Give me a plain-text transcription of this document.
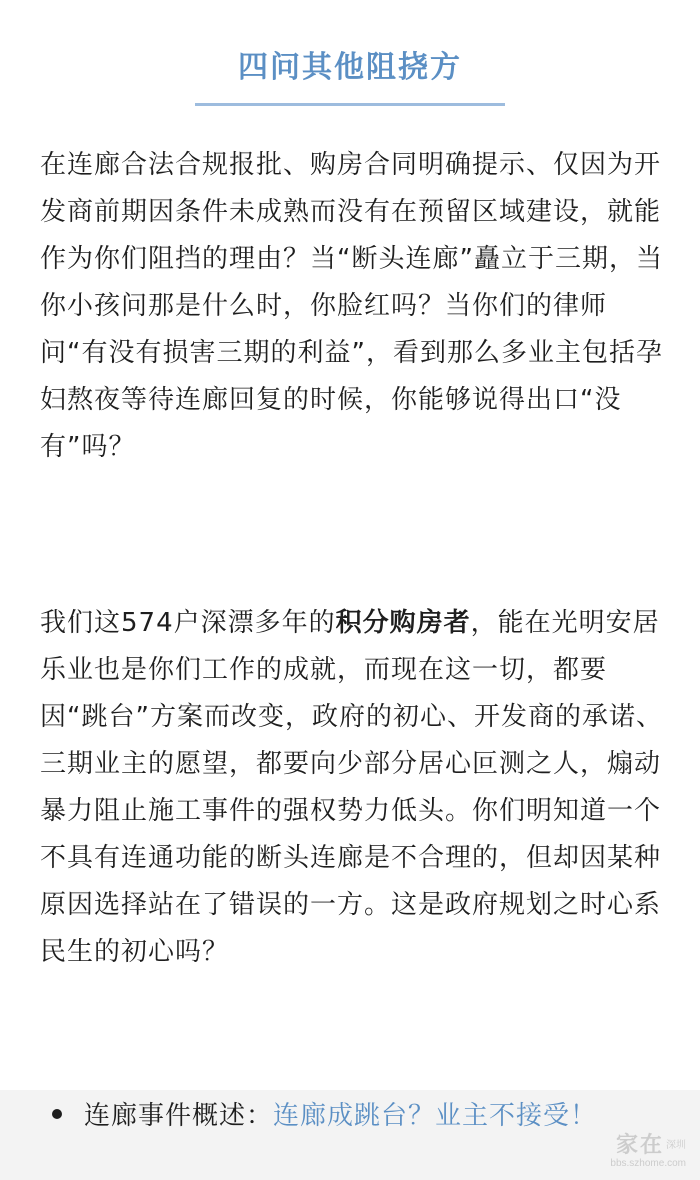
四问其他阻挠方

在连廊合法合规报批、购房合同明确提示、仅因为开发商前期因条件未成熟而没有在预留区域建设，就能作为你们阻挡的理由？当“断头连廊”矗立于三期，当你小孩问那是什么时，你脸红吗？当你们的律师问“有没有损害三期的利益”，看到那么多业主包括孕妇熬夜等待连廊回复的时候，你能够说得出口“没有”吗？

我们这574户深漂多年的积分购房者，能在光明安居乐业也是你们工作的成就，而现在这一切，都要因“跳台”方案而改变，政府的初心、开发商的承诺、三期业主的愿望，都要向少部分居心叵测之人，煽动暴力阻止施工事件的强权势力低头。你们明知道一个不具有连通功能的断头连廊是不合理的，但却因某种原因选择站在了错误的一方。这是政府规划之时心系民生的初心吗？

连廊事件概述：连廊成跳台？业主不接受！
家在 $^{深圳}$
bbs.szhome.com
